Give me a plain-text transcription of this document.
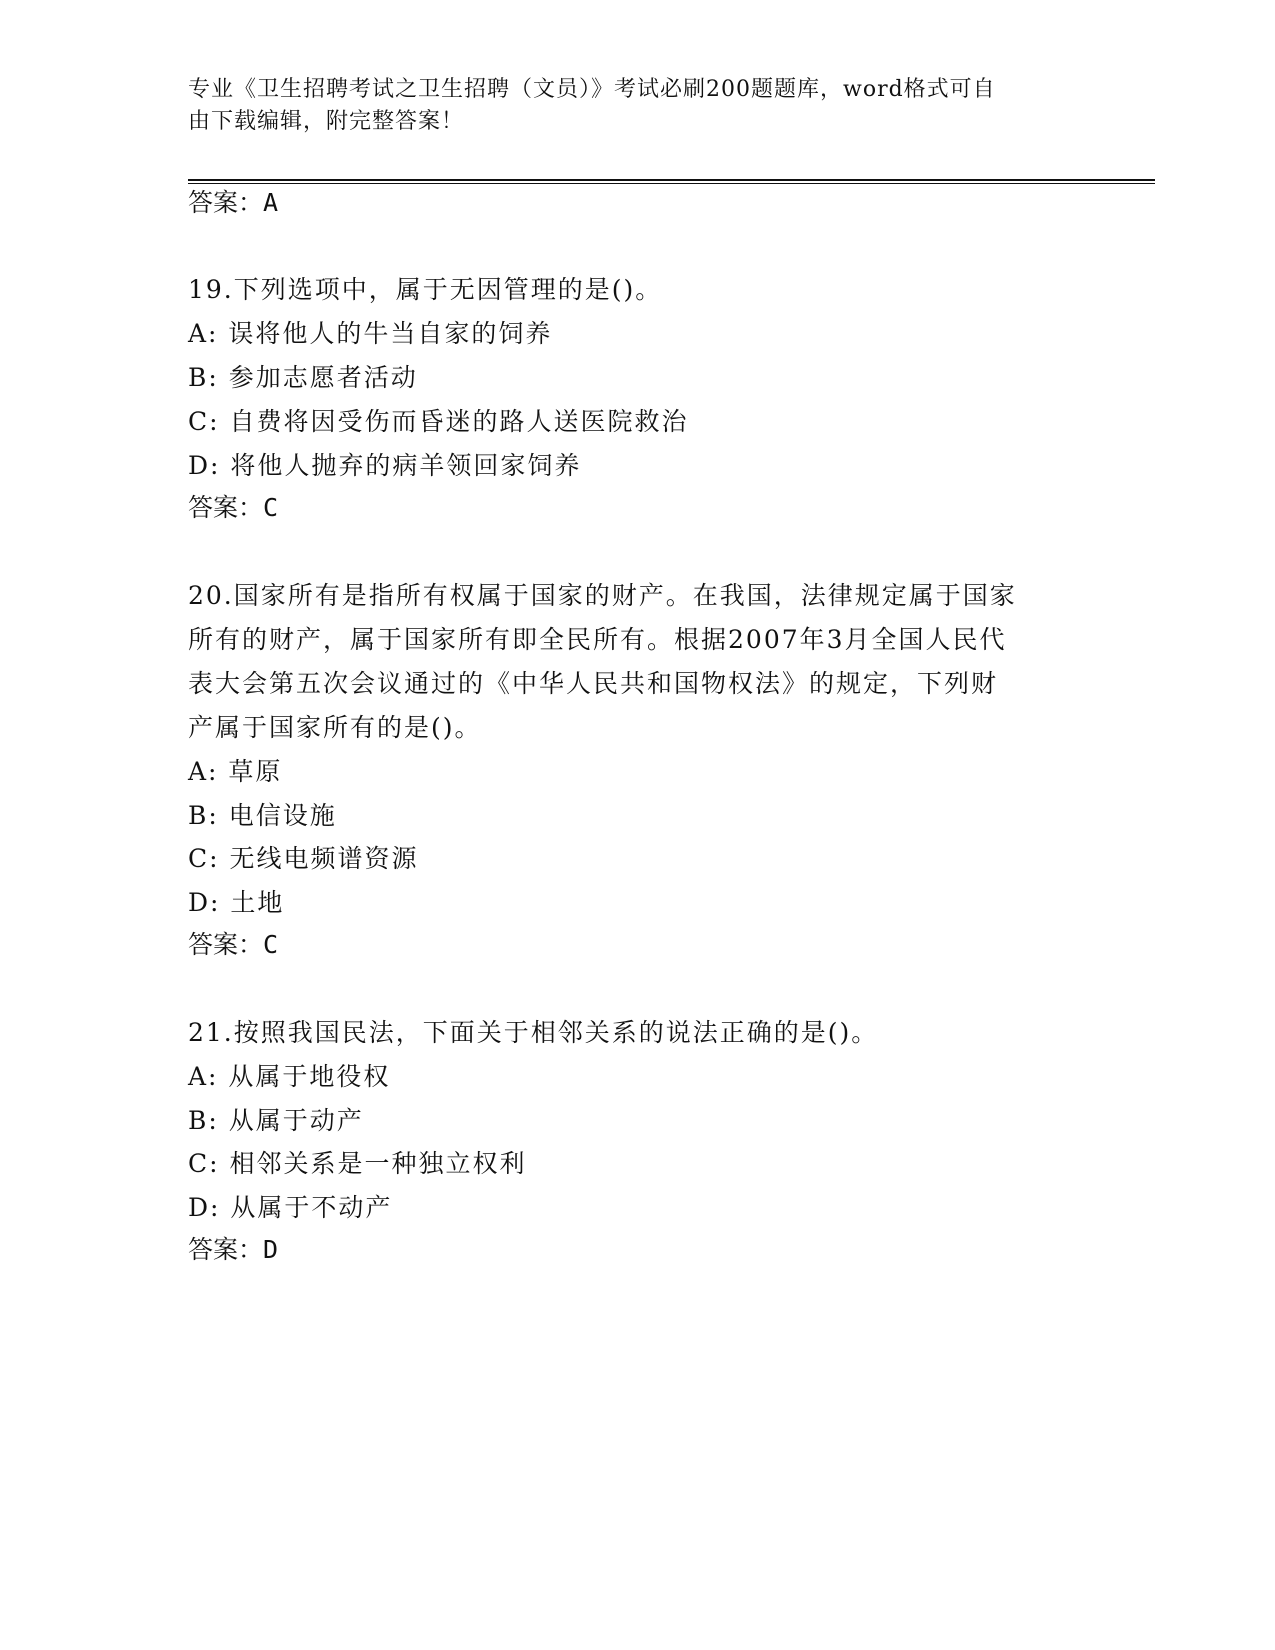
专业《卫生招聘考试之卫生招聘（文员）》考试必刷200题题库，word格式可自
由下载编辑，附完整答案！
答案：A
19.下列选项中，属于无因管理的是()。
A: 误将他人的牛当自家的饲养
B: 参加志愿者活动
C: 自费将因受伤而昏迷的路人送医院救治
D: 将他人抛弃的病羊领回家饲养
答案：C
20.国家所有是指所有权属于国家的财产。在我国，法律规定属于国家
所有的财产，属于国家所有即全民所有。根据2007年3月全国人民代
表大会第五次会议通过的《中华人民共和国物权法》的规定，下列财
产属于国家所有的是()。
A: 草原
B: 电信设施
C: 无线电频谱资源
D: 土地
答案：C
21.按照我国民法，下面关于相邻关系的说法正确的是()。
A: 从属于地役权
B: 从属于动产
C: 相邻关系是一种独立权利
D: 从属于不动产
答案：D
